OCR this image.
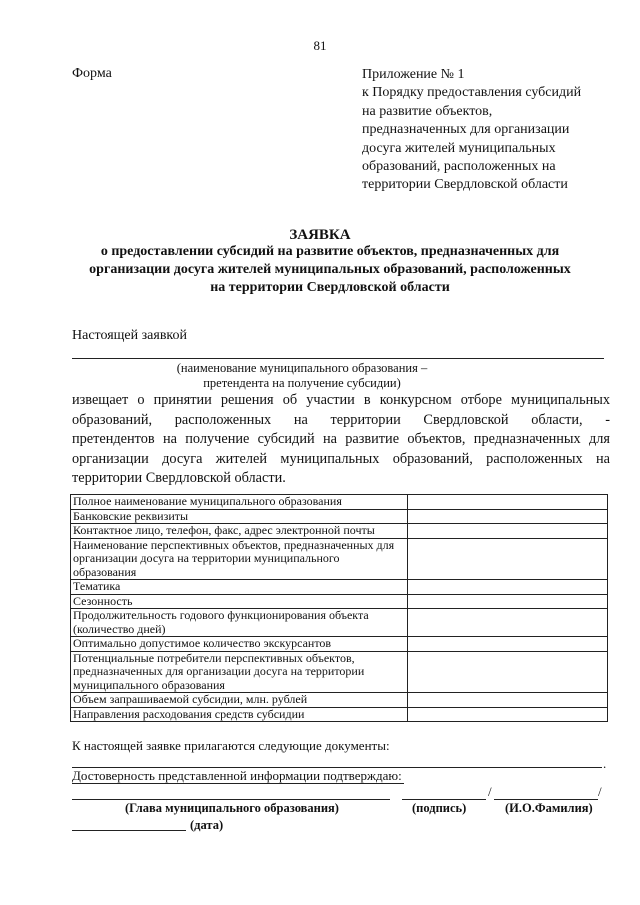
81
Форма	Приложение № 1
к Порядку предоставления субсидий
на развитие объектов,
предназначенных для организации
досуга жителей муниципальных
образований, расположенных на
территории Свердловской области
ЗАЯВКА
о предоставлении субсидий на развитие объектов, предназначенных для
организации досуга жителей муниципальных образований, расположенных
на территории Свердловской области
Настоящей заявкой
(наименование муниципального образования –
претендента на получение субсидии)
извещает о принятии решения об участии в конкурсном отборе муниципальных
образований, расположенных на территории Свердловской области, -
претендентов на получение субсидий на развитие объектов, предназначенных для
организации досуга жителей муниципальных образований, расположенных на
территории Свердловской области.
Полное наименование муниципального образования	
Банковские реквизиты	
Контактное лицо, телефон, факс, адрес электронной почты	
Наименование перспективных объектов, предназначенных для организации досуга на территории муниципального образования	
Тематика	
Сезонность	
Продолжительность годового функционирования объекта (количество дней)	
Оптимально допустимое количество экскурсантов	
Потенциальные потребители перспективных объектов, предназначенных для организации досуга на территории муниципального образования	
Объем запрашиваемой субсидии, млн. рублей	
Направления расходования средств субсидии	
К настоящей заявке прилагаются следующие документы:
.
Достоверность представленной информации подтверждаю:
/	/
(Глава муниципального образования)	(подпись)	(И.О.Фамилия)
(дата)
